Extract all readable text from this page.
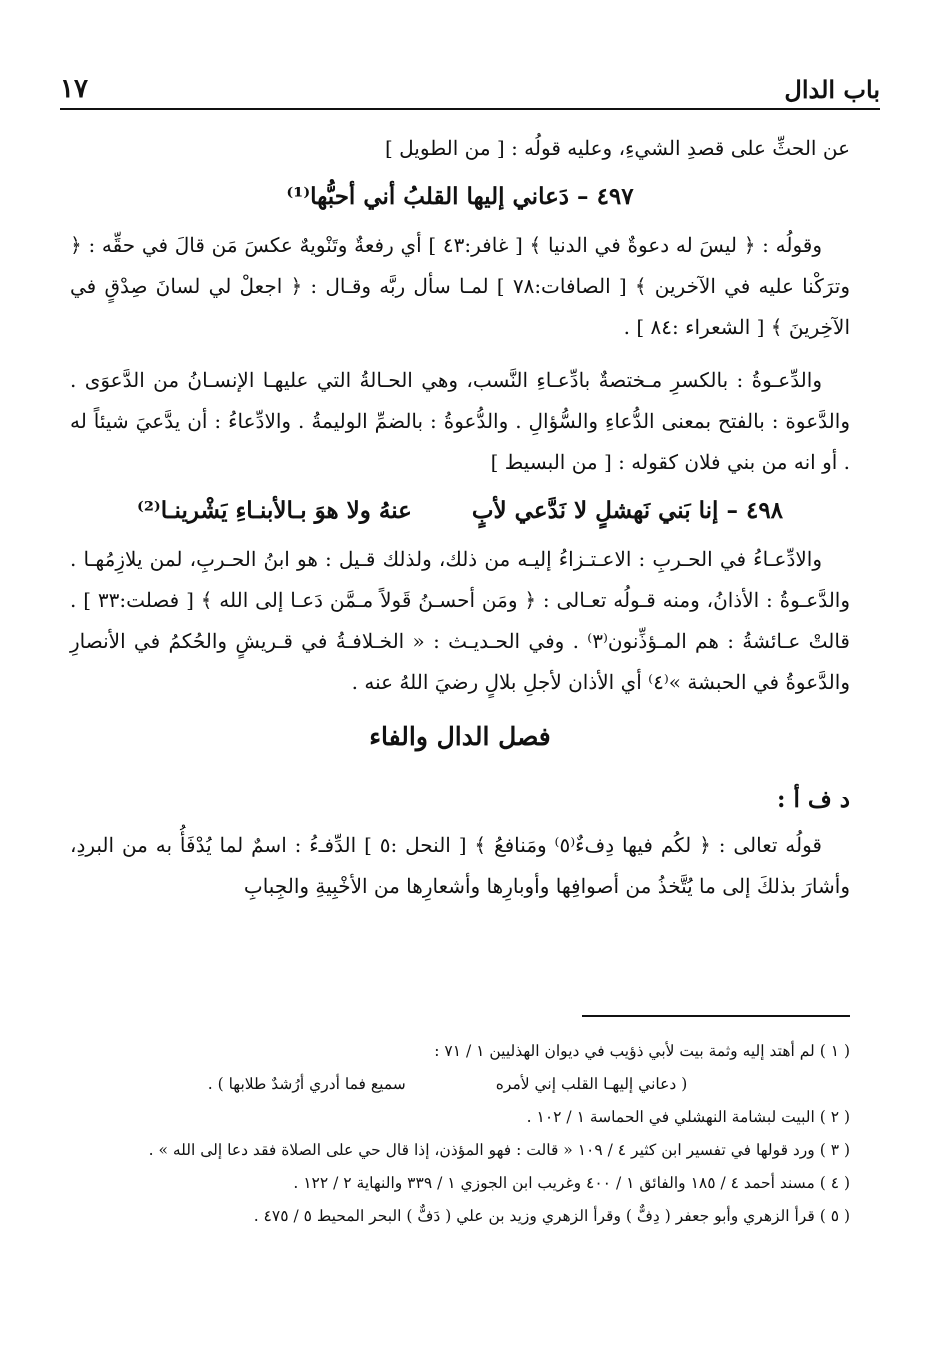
باب الدال
١٧

عن الحثِّ على قصدِ الشيءِ، وعليه قولُه : [ من الطويل ]

٤٩٧ – دَعاني إليها القلبُ أني أحبُّها⁽¹⁾

وقولُه : ﴿ ليسَ له دعوةٌ في الدنيا ﴾ [ غافر:٤٣ ] أي رفعةٌ وتَنْويهٌ عكسَ مَن قالَ في حقِّه : ﴿ وترَكْنا عليه في الآخرين ﴾ [ الصافات:٧٨ ] لمـا سأل ربَّه وقـال : ﴿ اجعلْ لي لسانَ صِدْقٍ في الآخِرينَ ﴾ [ الشعراء :٨٤ ] .

والدِّعـوةُ : بالكسرِ مـختصةٌ بادِّعـاءِ النَّسب، وهي الحـالةُ التي عليهـا الإنسـانُ من الدَّعوَى . والدَّعوة : بالفتح بمعنى الدُّعاءِ والسُّؤالِ . والدُّعوةُ : بالضمِّ الوليمةُ . والادِّعاءُ : أن يدَّعيَ شيئاً له . أو انه من بني فلان كقوله : [ من البسيط ]

٤٩٨ – إنا بَني نَهشلٍ لا نَدَّعي لأبٍ
عنهُ ولا هوَ بـالأبنـاءِ يَشْرينـا⁽²⁾

والادِّعـاءُ في الحـربِ : الاعـتـزاءُ إليـه من ذلك، ولذلك قـيل : هو ابنُ الحـربِ، لمن يلازِمُهـا . والدَّعـوةُ : الأذانُ، ومنه قـولُه تعـالى : ﴿ ومَن أحسـنُ قَولاً مـمَّن دَعـا إلى الله ﴾ [ فصلت:٣٣ ] . قالتْ عـائشةُ : هم المـؤذِّنون⁽٣⁾ . وفي الحـديـث : « الخـلافـةُ في قـريشٍ والحُكمُ في الأنصارِ والدَّعوةُ في الحبشة »⁽٤⁾ أي الأذان لأجلِ بلالٍ رضيَ اللهُ عنه .

فصل الدال والفاء

د ف أ :

قولُه تعالى : ﴿ لكُم فيها دِفءٌ⁽٥⁾ ومَنافعُ ﴾ [ النحل :٥ ] الدِّفـءُ : اسمٌ لما يُدْفَأُ به من البردِ، وأشارَ بذلكَ إلى ما يُتَّخذُ من أصوافِها وأوبارِها وأشعارِها من الأخْبِيةِ والجِبابِ

( ١ ) لم أهتد إليه وثمة بيت لأبي ذؤيب في ديوان الهذليين ١ / ٧١ :

( دعاني إليهـا القلب إني لأمره
سميع فما أدري أرُشدٌ طلابها ) .

( ٢ ) البيت لبشامة النهشلي في الحماسة ١ / ١٠٢ .

( ٣ ) ورد قولها في تفسير ابن كثير ٤ / ١٠٩ « قالت : فهو المؤذن، إذا قال حي على الصلاة فقد دعا إلى الله » .

( ٤ ) مسند أحمد ٤ / ١٨٥ والفائق ١ / ٤٠٠ وغريب ابن الجوزي ١ / ٣٣٩ والنهاية ٢ / ١٢٢ .

( ٥ ) قرأ الزهري وأبو جعفر ( دِفٌّ ) وقرأ الزهري وزيد بن علي ( دَفٌّ ) البحر المحيط ٥ / ٤٧٥ .
